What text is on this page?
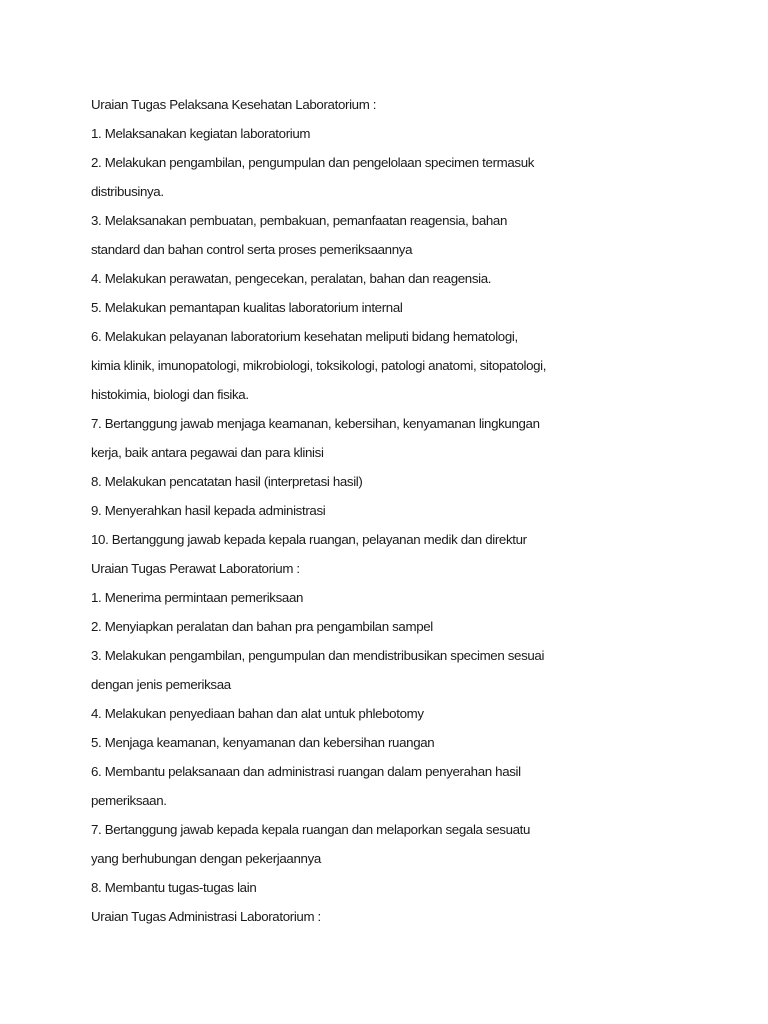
Uraian Tugas Pelaksana Kesehatan Laboratorium :
1. Melaksanakan kegiatan laboratorium
2. Melakukan pengambilan, pengumpulan dan pengelolaan specimen termasuk
distribusinya.
3. Melaksanakan pembuatan, pembakuan, pemanfaatan reagensia, bahan
standard dan bahan control serta proses pemeriksaannya
4. Melakukan perawatan, pengecekan, peralatan, bahan dan reagensia.
5. Melakukan pemantapan kualitas laboratorium internal
6. Melakukan pelayanan laboratorium kesehatan meliputi bidang hematologi,
kimia klinik, imunopatologi, mikrobiologi, toksikologi, patologi anatomi, sitopatologi,
histokimia, biologi dan fisika.
7. Bertanggung jawab menjaga keamanan, kebersihan, kenyamanan lingkungan
kerja, baik antara pegawai dan para klinisi
8. Melakukan pencatatan hasil (interpretasi hasil)
9. Menyerahkan hasil kepada administrasi
10. Bertanggung jawab kepada kepala ruangan, pelayanan medik dan direktur
Uraian Tugas Perawat Laboratorium :
1. Menerima permintaan pemeriksaan
2. Menyiapkan peralatan dan bahan pra pengambilan sampel
3. Melakukan pengambilan, pengumpulan dan mendistribusikan specimen sesuai
dengan jenis pemeriksaa
4. Melakukan penyediaan bahan dan alat untuk phlebotomy
5. Menjaga keamanan, kenyamanan dan kebersihan ruangan
6. Membantu pelaksanaan dan administrasi ruangan dalam penyerahan hasil
pemeriksaan.
7. Bertanggung jawab kepada kepala ruangan dan melaporkan segala sesuatu
yang berhubungan dengan pekerjaannya
8. Membantu tugas-tugas lain
Uraian Tugas Administrasi Laboratorium :
